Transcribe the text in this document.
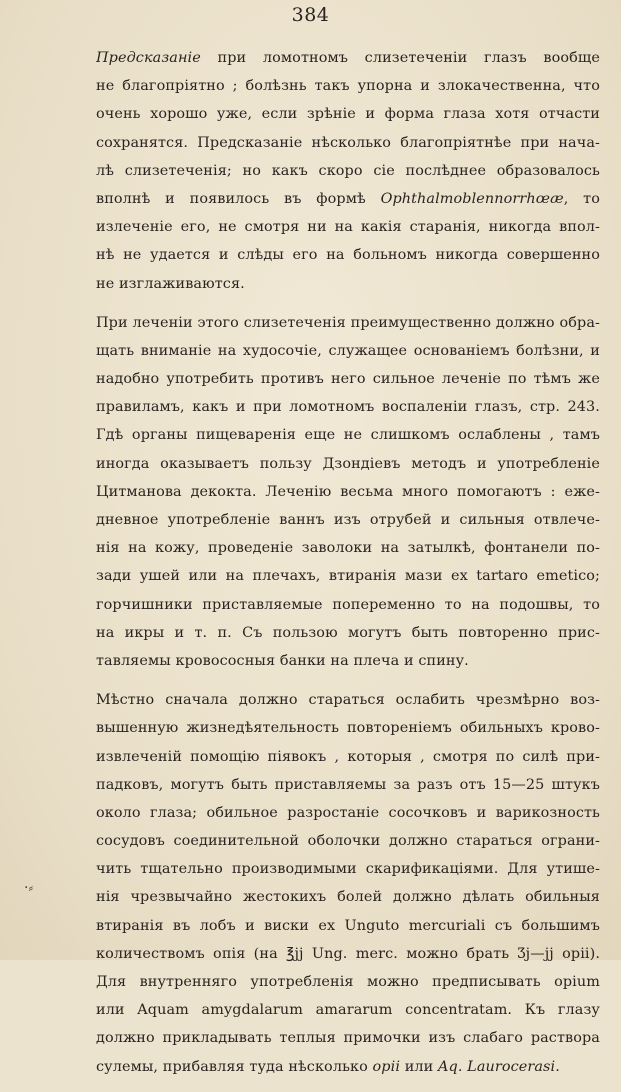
384
Предсказаніе при ломотномъ слизетеченіи глазъ вообще
не благопріятно ; болѣзнь такъ упорна и злокачественна, что
очень хорошо уже, если зрѣніе и форма глаза хотя отчасти
сохранятся. Предсказаніе нѣсколько благопріятнѣе при нача-
лѣ слизетеченія; но какъ скоро сіе послѣднее образовалось
вполнѣ и появилось въ формѣ Ophthalmoblennorrhœæ, то
излеченіе его, не смотря ни на какія старанія, никогда впол-
нѣ не удается и слѣды его на больномъ никогда совершенно
не изглаживаются.
При леченіи этого слизетеченія преимущественно должно обра-
щать вниманіе на худосочіе, служащее основаніемъ болѣзни, и
надобно употребить противъ него сильное леченіе по тѣмъ же
правиламъ, какъ и при ломотномъ воспаленіи глазъ, стр. 243.
Гдѣ органы пищеваренія еще не слишкомъ ослаблены , тамъ
иногда оказываетъ пользу Дзондіевъ методъ и употребленіе
Цитманова декокта. Леченію весьма много помогаютъ : еже-
дневное употребленіе ваннъ изъ отрубей и сильныя отвлече-
нія на кожу, проведеніе заволоки на затылкѣ, фонтанели по-
зади ушей или на плечахъ, втиранія мази ex tartaro emetico;
горчишники приставляемые попеременно то на подошвы, то
на икры и т. п. Съ пользою могутъ быть повторенно прис-
тавляемы кровососныя банки на плеча и спину.
Мѣстно сначала должно стараться ослабить чрезмѣрно воз-
вышенную жизнедѣятельность повтореніемъ обильныхъ крово-
извлеченій помощію піявокъ , которыя , смотря по силѣ при-
падковъ, могутъ быть приставляемы за разъ отъ 15—25 штукъ
около глаза; обильное разростаніе сосочковъ и варикозность
сосудовъ соединительной оболочки должно стараться ограни-
чить тщательно производимыми скарификаціями. Для утише-
нія чрезвычайно жестокихъ болей должно дѣлать обильныя
втиранія въ лобъ и виски ex Unguto mercuriali съ большимъ
количествомъ опія (на ℥jj Ung. merc. можно брать Ʒj—jj opii).
Для внутренняго употребленія можно предписывать opium
или Aquam amygdalarum amararum concentratam. Къ глазу
должно прикладывать теплыя примочки изъ слабаго раствора
сулемы, прибавляя туда нѣсколько opii или Aq. Laurocerasi.
·⸗
